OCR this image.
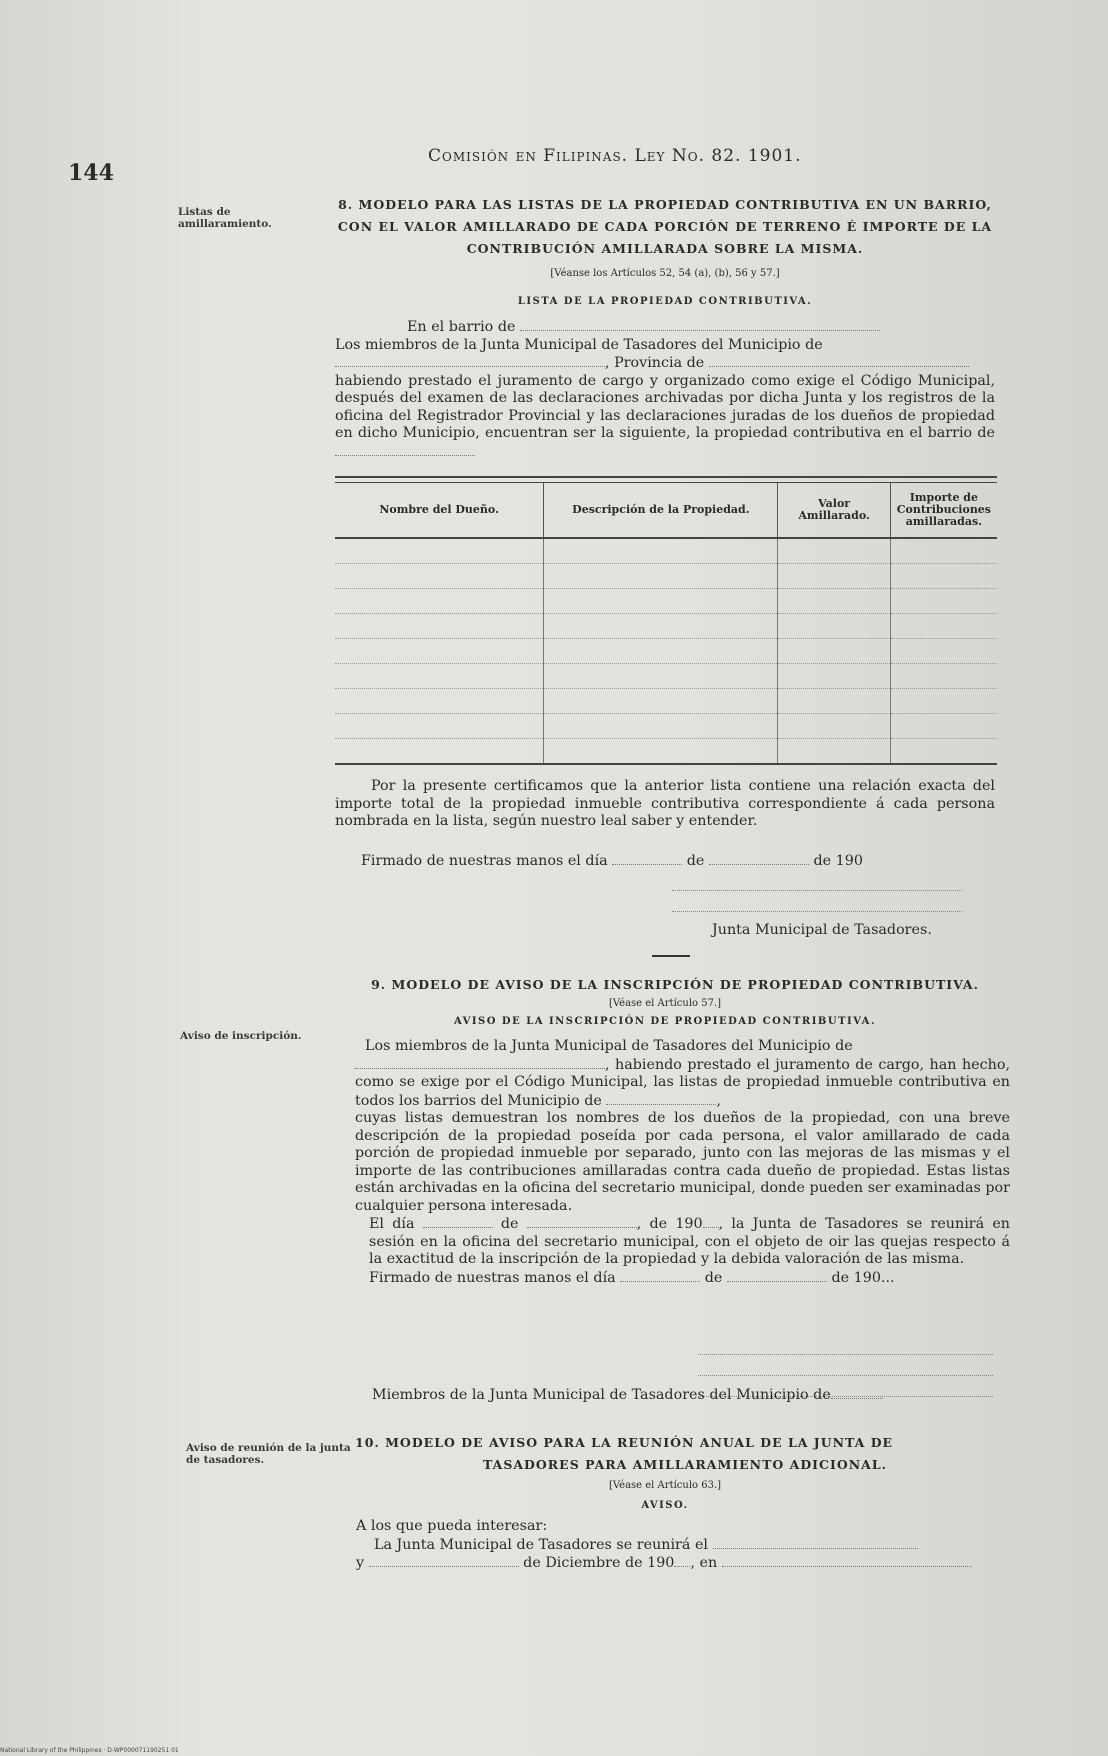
144
Comisión en Filipinas. Ley No. 82. 1901.
Listas de amillaramiento.
8. MODELO PARA LAS LISTAS DE LA PROPIEDAD CONTRIBUTIVA EN UN BARRIO, CON EL VALOR AMILLARADO DE CADA PORCIÓN DE TERRENO É IMPORTE DE LA CONTRIBUCIÓN AMILLARADA SOBRE LA MISMA.
[Véanse los Artículos 52, 54 (a), (b), 56 y 57.]
LISTA DE LA PROPIEDAD CONTRIBUTIVA.
En el barrio de
Los miembros de la Junta Municipal de Tasadores del Municipio de
, Provincia de
habiendo prestado el juramento de cargo y organizado como exige el Código Municipal, después del examen de las declaraciones archivadas por dicha Junta y los registros de la oficina del Registrador Provincial y las declaraciones juradas de los dueños de propiedad en dicho Municipio, encuentran ser la siguiente, la propiedad contributiva en el barrio de
Nombre del Dueño.	Descripción de la Propiedad.	Valor Amillarado.	Importe de Contribuciones amillaradas.

Por la presente certificamos que la anterior lista contiene una relación exacta del importe total de la propiedad inmueble contributiva correspondiente á cada persona nombrada en la lista, según nuestro leal saber y entender.
Firmado de nuestras manos el día	de	de 190
Junta Municipal de Tasadores.
Aviso de inscripción.
9. MODELO DE AVISO DE LA INSCRIPCIÓN DE PROPIEDAD CONTRIBUTIVA.
[Véase el Artículo 57.]
AVISO DE LA INSCRIPCIÓN DE PROPIEDAD CONTRIBUTIVA.
Los miembros de la Junta Municipal de Tasadores del Municipio de
, habiendo prestado el juramento de cargo, han hecho, como se exige por el Código Municipal, las listas de propiedad inmueble contributiva en todos los barrios del Municipio de	,
cuyas listas demuestran los nombres de los dueños de la propiedad, con una breve descripción de la propiedad poseída por cada persona, el valor amillarado de cada porción de propiedad inmueble por separado, junto con las mejoras de las mismas y el importe de las contribuciones amillaradas contra cada dueño de propiedad. Estas listas están archivadas en la oficina del secretario municipal, donde pueden ser examinadas por cualquier persona interesada.
El día	de	, de 190 , la Junta de Tasadores se reunirá en sesión en la oficina del secretario municipal, con el objeto de oir las quejas respecto á la exactitud de la inscripción de la propiedad y la debida valoración de las misma.
Firmado de nuestras manos el día	de	de 190...
Miembros de la Junta Municipal de Tasadores del Municipio de
Aviso de reunión de la junta de tasadores.
10. MODELO DE AVISO PARA LA REUNIÓN ANUAL DE LA JUNTA DE
TASADORES PARA AMILLARAMIENTO ADICIONAL.
[Véase el Artículo 63.]
AVISO.
A los que pueda interesar:
La Junta Municipal de Tasadores se reunirá el
y	de Diciembre de 190 , en
National Library of the Philippines · D-WP000071190251 01
